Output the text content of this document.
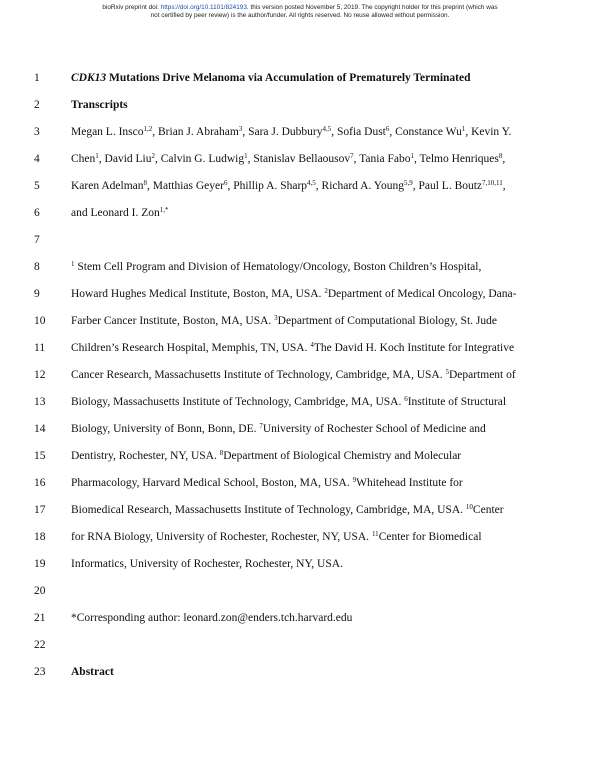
bioRxiv preprint doi: https://doi.org/10.1101/824193. this version posted November 5, 2019. The copyright holder for this preprint (which was
not certified by peer review) is the author/funder. All rights reserved. No reuse allowed without permission.
1	CDK13 Mutations Drive Melanoma via Accumulation of Prematurely Terminated
2	Transcripts
3	Megan L. Insco$^{1,2}$, Brian J. Abraham$^3$, Sara J. Dubbury$^{4,5}$, Sofia Dust$^6$, Constance Wu$^1$, Kevin Y.
4	Chen$^1$, David Liu$^2$, Calvin G. Ludwig$^1$, Stanislav Bellaousov$^7$, Tania Fabo$^1$, Telmo Henriques$^8$,
5	Karen Adelman$^8$, Matthias Geyer$^6$, Phillip A. Sharp$^{4,5}$, Richard A. Young$^{5,9}$, Paul L. Boutz$^{7,10,11}$,
6	and Leonard I. Zon$^{1,*}$
7
8	$^1$ Stem Cell Program and Division of Hematology/Oncology, Boston Children’s Hospital,
9	Howard Hughes Medical Institute, Boston, MA, USA. $^2$Department of Medical Oncology, Dana-
10	Farber Cancer Institute, Boston, MA, USA. $^3$Department of Computational Biology, St. Jude
11	Children’s Research Hospital, Memphis, TN, USA. $^4$The David H. Koch Institute for Integrative
12	Cancer Research, Massachusetts Institute of Technology, Cambridge, MA, USA. $^5$Department of
13	Biology, Massachusetts Institute of Technology, Cambridge, MA, USA. $^6$Institute of Structural
14	Biology, University of Bonn, Bonn, DE. $^7$University of Rochester School of Medicine and
15	Dentistry, Rochester, NY, USA. $^8$Department of Biological Chemistry and Molecular
16	Pharmacology, Harvard Medical School, Boston, MA, USA. $^9$Whitehead Institute for
17	Biomedical Research, Massachusetts Institute of Technology, Cambridge, MA, USA. $^{10}$Center
18	for RNA Biology, University of Rochester, Rochester, NY, USA. $^{11}$Center for Biomedical
19	Informatics, University of Rochester, Rochester, NY, USA.
20
21	*Corresponding author: leonard.zon@enders.tch.harvard.edu
22
23	Abstract
